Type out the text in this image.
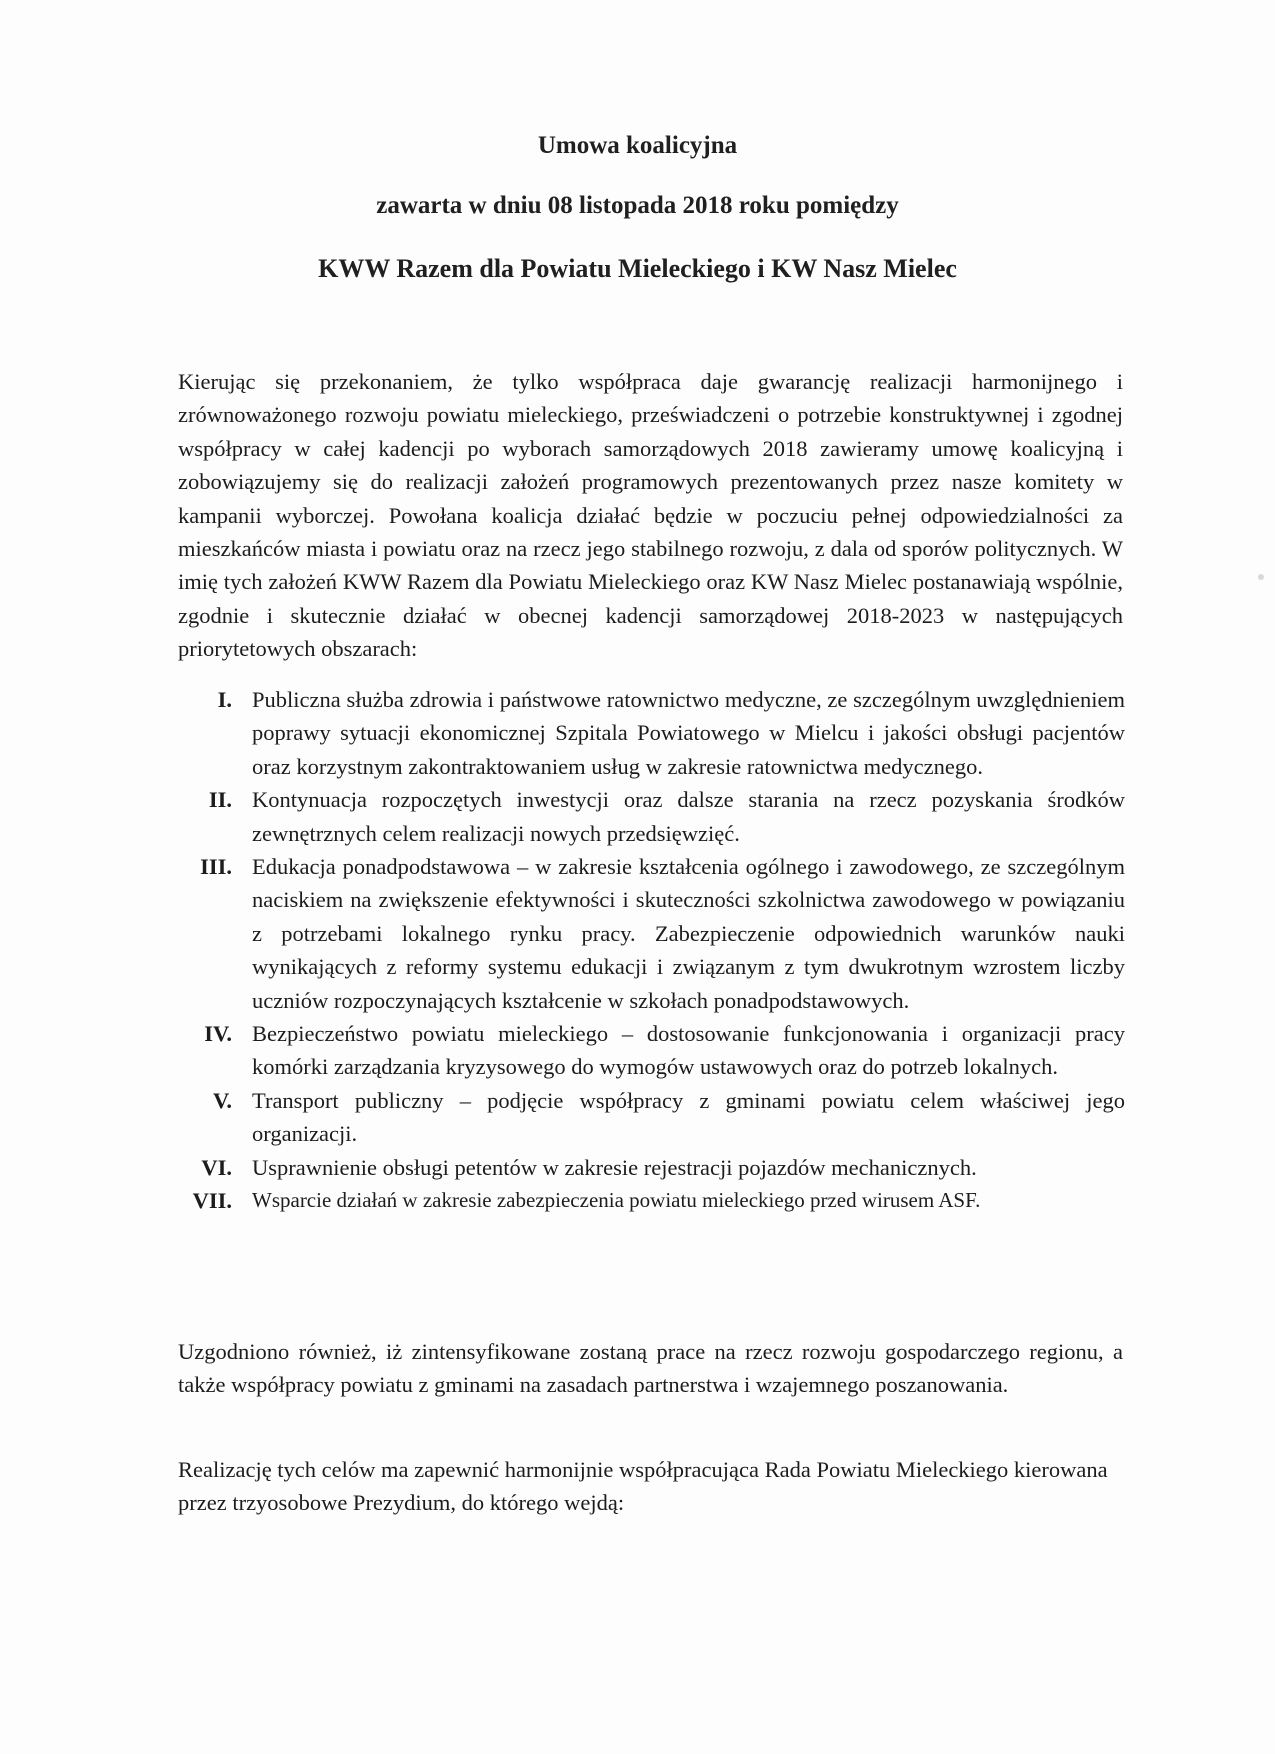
Umowa koalicyjna
zawarta w dniu 08 listopada 2018 roku pomiędzy
KWW Razem dla Powiatu Mieleckiego i KW Nasz Mielec

Kierując się przekonaniem, że tylko współpraca daje gwarancję realizacji harmonijnego i zrównoważonego rozwoju powiatu mieleckiego, przeświadczeni o potrzebie konstruktywnej i zgodnej współpracy w całej kadencji po wyborach samorządowych 2018 zawieramy umowę koalicyjną i zobowiązujemy się do realizacji założeń programowych prezentowanych przez nasze komitety w kampanii wyborczej. Powołana koalicja działać będzie w poczuciu pełnej odpowiedzialności za mieszkańców miasta i powiatu oraz na rzecz jego stabilnego rozwoju, z dala od sporów politycznych. W imię tych założeń KWW Razem dla Powiatu Mieleckiego oraz KW Nasz Mielec postanawiają wspólnie, zgodnie i skutecznie działać w obecnej kadencji samorządowej 2018-2023 w następujących priorytetowych obszarach:

I. Publiczna służba zdrowia i państwowe ratownictwo medyczne, ze szczególnym uwzględnieniem poprawy sytuacji ekonomicznej Szpitala Powiatowego w Mielcu i jakości obsługi pacjentów oraz korzystnym zakontraktowaniem usług w zakresie ratownictwa medycznego.
II. Kontynuacja rozpoczętych inwestycji oraz dalsze starania na rzecz pozyskania środków zewnętrznych celem realizacji nowych przedsięwzięć.
III. Edukacja ponadpodstawowa – w zakresie kształcenia ogólnego i zawodowego, ze szczególnym naciskiem na zwiększenie efektywności i skuteczności szkolnictwa zawodowego w powiązaniu z potrzebami lokalnego rynku pracy. Zabezpieczenie odpowiednich warunków nauki wynikających z reformy systemu edukacji i związanym z tym dwukrotnym wzrostem liczby uczniów rozpoczynających kształcenie w szkołach ponadpodstawowych.
IV. Bezpieczeństwo powiatu mieleckiego – dostosowanie funkcjonowania i organizacji pracy komórki zarządzania kryzysowego do wymogów ustawowych oraz do potrzeb lokalnych.
V. Transport publiczny – podjęcie współpracy z gminami powiatu celem właściwej jego organizacji.
VI. Usprawnienie obsługi petentów w zakresie rejestracji pojazdów mechanicznych.
VII. Wsparcie działań w zakresie zabezpieczenia powiatu mieleckiego przed wirusem ASF.

Uzgodniono również, iż zintensyfikowane zostaną prace na rzecz rozwoju gospodarczego regionu, a także współpracy powiatu z gminami na zasadach partnerstwa i wzajemnego poszanowania.

Realizację tych celów ma zapewnić harmonijnie współpracująca Rada Powiatu Mieleckiego kierowana przez trzyosobowe Prezydium, do którego wejdą:
